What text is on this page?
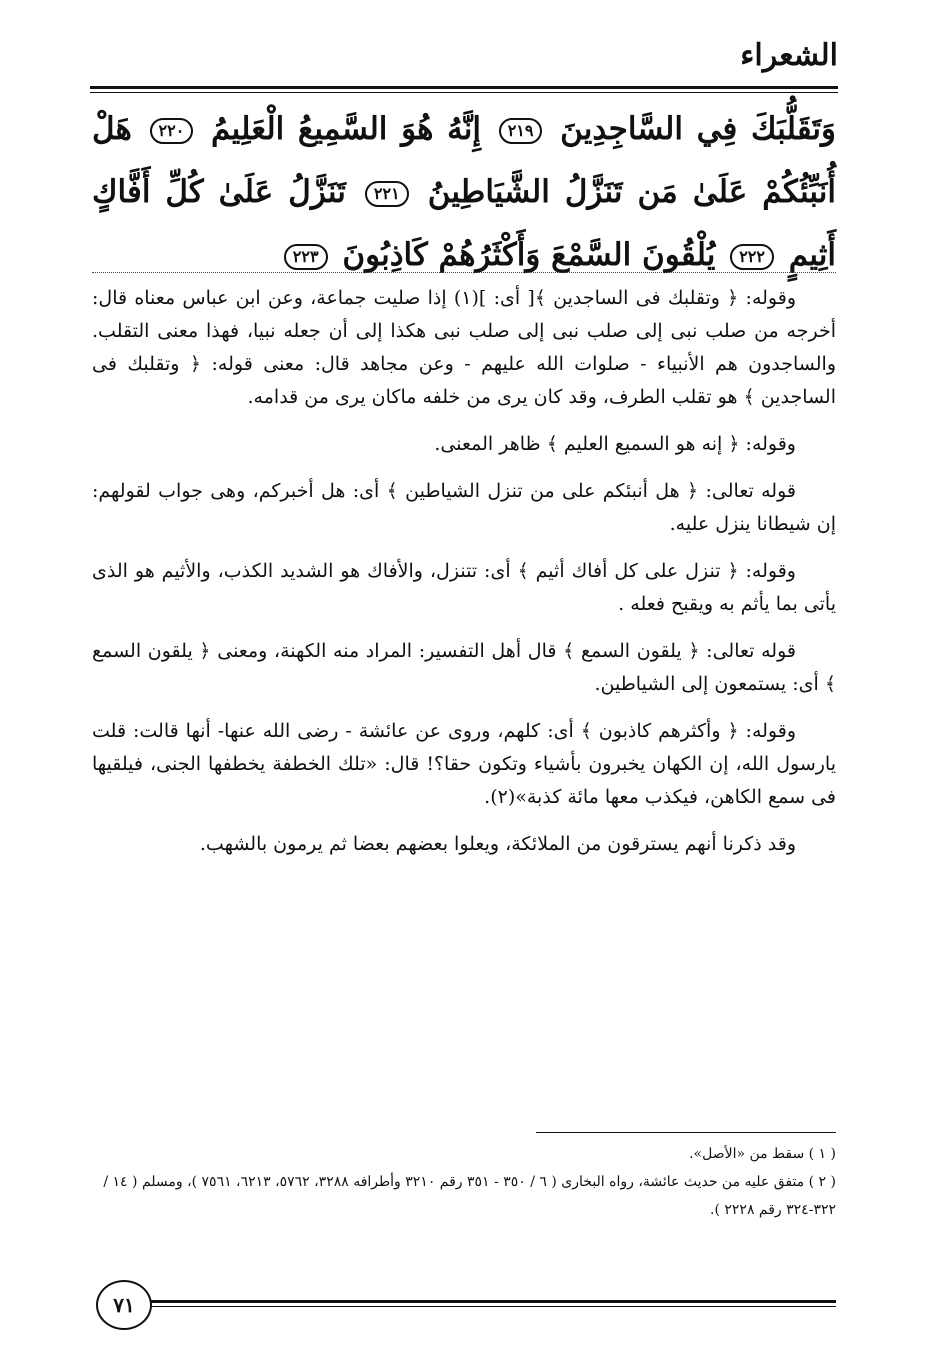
الشعراء
وَتَقَلُّبَكَ فِي السَّاجِدِينَ ٢١٩ إِنَّهُ هُوَ السَّمِيعُ الْعَلِيمُ ٢٢٠ هَلْ أُنَبِّئُكُمْ عَلَىٰ مَن تَنَزَّلُ الشَّيَاطِينُ ٢٢١ تَنَزَّلُ عَلَىٰ كُلِّ أَفَّاكٍ أَثِيمٍ ٢٢٢ يُلْقُونَ السَّمْعَ وَأَكْثَرُهُمْ كَاذِبُونَ ٢٢٣

وقوله: ﴿ وتقلبك فى الساجدين ﴾[ أى: ](١) إذا صليت جماعة، وعن ابن عباس معناه قال: أخرجه من صلب نبى إلى صلب نبى إلى صلب نبى هكذا إلى أن جعله نبيا، فهذا معنى التقلب. والساجدون هم الأنبياء - صلوات الله عليهم - وعن مجاهد قال: معنى قوله: ﴿ وتقلبك فى الساجدين ﴾ هو تقلب الطرف، وقد كان يرى من خلفه ماكان يرى من قدامه.

وقوله: ﴿ إنه هو السميع العليم ﴾ ظاهر المعنى.

قوله تعالى: ﴿ هل أنبئكم على من تنزل الشياطين ﴾ أى: هل أخبركم، وهى جواب لقولهم: إن شيطانا ينزل عليه.

وقوله: ﴿ تنزل على كل أفاك أثيم ﴾ أى: تتنزل، والأفاك هو الشديد الكذب، والأثيم هو الذى يأتى بما يأثم به ويقبح فعله .

قوله تعالى: ﴿ يلقون السمع ﴾ قال أهل التفسير: المراد منه الكهنة، ومعنى ﴿ يلقون السمع ﴾ أى: يستمعون إلى الشياطين.

وقوله: ﴿ وأكثرهم كاذبون ﴾ أى: كلهم، وروى عن عائشة - رضى الله عنها- أنها قالت: قلت يارسول الله، إن الكهان يخبرون بأشياء وتكون حقا؟! قال: «تلك الخطفة يخطفها الجنى، فيلقيها فى سمع الكاهن، فيكذب معها مائة كذبة»(٢).

وقد ذكرنا أنهم يسترقون من الملائكة، ويعلوا بعضهم بعضا ثم يرمون بالشهب.

( ١ ) سقط من «الأصل».

( ٢ ) متفق عليه من حديث عائشة، رواه البخارى ( ٦ / ٣٥٠ - ٣٥١ رقم ٣٢١٠ وأطرافه ٣٢٨٨، ٥٧٦٢، ٦٢١٣، ٧٥٦١ )، ومسلم ( ١٤ / ٣٢٢-٣٢٤ رقم ٢٢٢٨ ).

٧١
